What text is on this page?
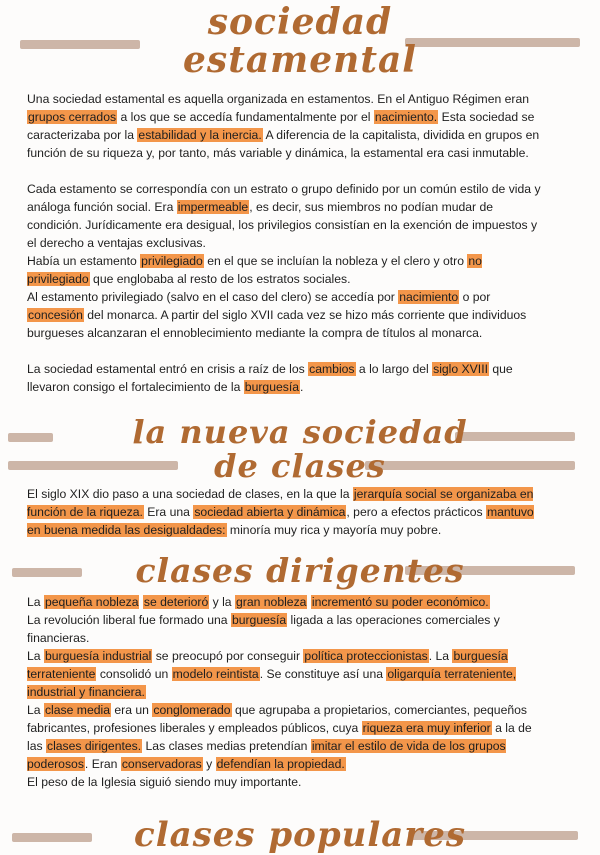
sociedad
estamental

Una sociedad estamental es aquella organizada en estamentos. En el Antiguo Régimen eran grupos cerrados a los que se accedía fundamentalmente por el nacimiento. Esta sociedad se caracterizaba por la estabilidad y la inercia. A diferencia de la capitalista, dividida en grupos en función de su riqueza y, por tanto, más variable y dinámica, la estamental era casi inmutable.

Cada estamento se correspondía con un estrato o grupo definido por un común estilo de vida y análoga función social. Era impermeable, es decir, sus miembros no podían mudar de condición. Jurídicamente era desigual, los privilegios consistían en la exención de impuestos y el derecho a ventajas exclusivas.

Había un estamento privilegiado en el que se incluían la nobleza y el clero y otro no privilegiado que englobaba al resto de los estratos sociales.

Al estamento privilegiado (salvo en el caso del clero) se accedía por nacimiento o por concesión del monarca. A partir del siglo XVII cada vez se hizo más corriente que individuos burgueses alcanzaran el ennoblecimiento mediante la compra de títulos al monarca.

La sociedad estamental entró en crisis a raíz de los cambios a lo largo del siglo XVIII que llevaron consigo el fortalecimiento de la burguesía.

la nueva sociedad
de clases

El siglo XIX dio paso a una sociedad de clases, en la que la jerarquía social se organizaba en función de la riqueza. Era una sociedad abierta y dinámica, pero a efectos prácticos mantuvo en buena medida las desigualdades: minoría muy rica y mayoría muy pobre.

clases dirigentes

La pequeña nobleza se deterioró y la gran nobleza incrementó su poder económico.

La revolución liberal fue formado una burguesía ligada a las operaciones comerciales y financieras.

La burguesía industrial se preocupó por conseguir política proteccionistas. La burguesía terrateniente consolidó un modelo reintista. Se constituye así una oligarquía terrateniente, industrial y financiera.

La clase media era un conglomerado que agrupaba a propietarios, comerciantes, pequeños fabricantes, profesiones liberales y empleados públicos, cuya riqueza era muy inferior a la de las clases dirigentes. Las clases medias pretendían imitar el estilo de vida de los grupos poderosos. Eran conservadoras y defendían la propiedad.

El peso de la Iglesia siguió siendo muy importante.

clases populares
